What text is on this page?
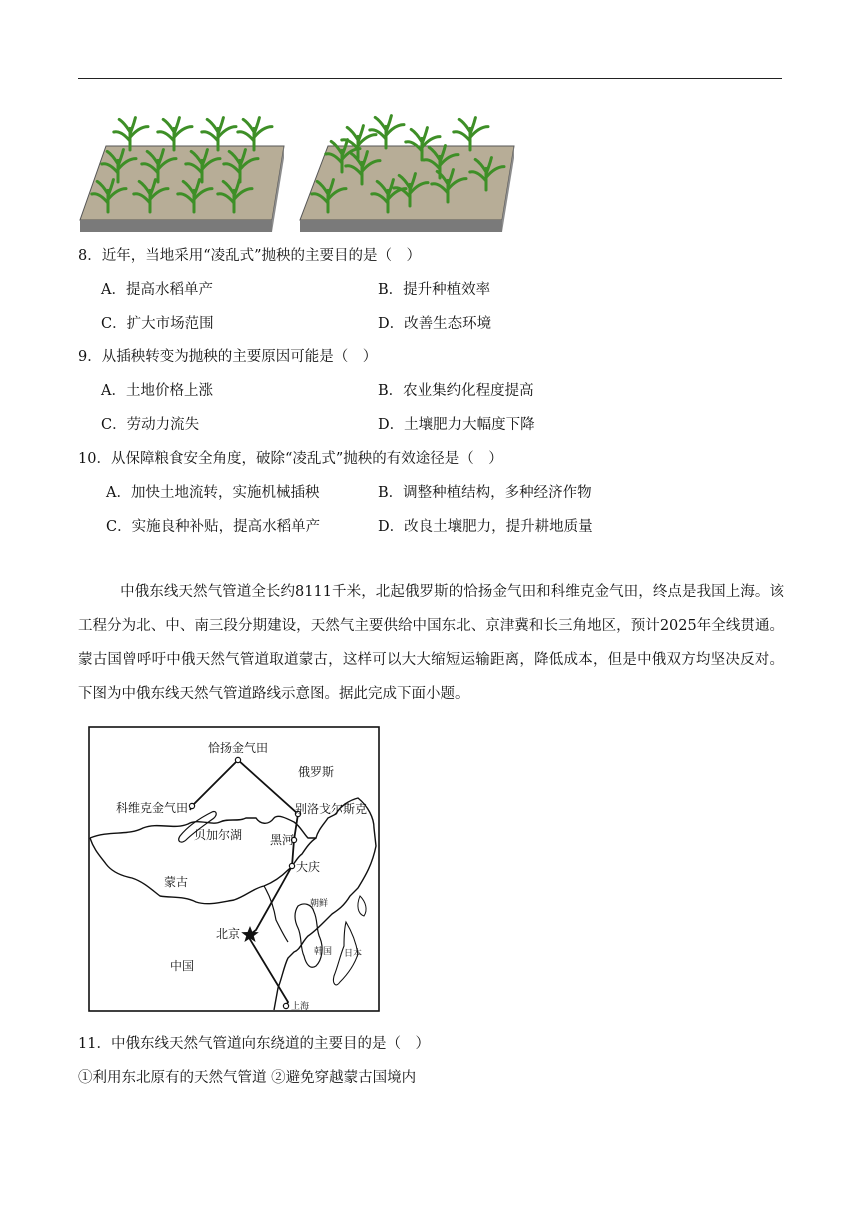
8．近年，当地采用“凌乱式”抛秧的主要目的是（　）
A．提高水稻单产	B．提升种植效率
C．扩大市场范围	D．改善生态环境
9．从插秧转变为抛秧的主要原因可能是（　）
A．土地价格上涨	B．农业集约化程度提高
C．劳动力流失	D．土壤肥力大幅度下降
10．从保障粮食安全角度，破除“凌乱式”抛秧的有效途径是（　）
A．加快土地流转，实施机械插秧	B．调整种植结构，多种经济作物
C．实施良种补贴，提高水稻单产	D．改良土壤肥力，提升耕地质量
中俄东线天然气管道全长约8111千米，北起俄罗斯的恰扬金气田和科维克金气田，终点是我国上海。该工程分为北、中、南三段分期建设，天然气主要供给中国东北、京津冀和长三角地区，预计2025年全线贯通。蒙古国曾呼吁中俄天然气管道取道蒙古，这样可以大大缩短运输距离，降低成本，但是中俄双方均坚决反对。下图为中俄东线天然气管道路线示意图。据此完成下面小题。
恰扬金气田
俄罗斯
科维克金气田	别洛戈尔斯克
贝加尔湖 黑河
大庆
蒙古
朝鲜
北京
韩国 日本
中国
上海
11．中俄东线天然气管道向东绕道的主要目的是（　）
①利用东北原有的天然气管道 ②避免穿越蒙古国境内
